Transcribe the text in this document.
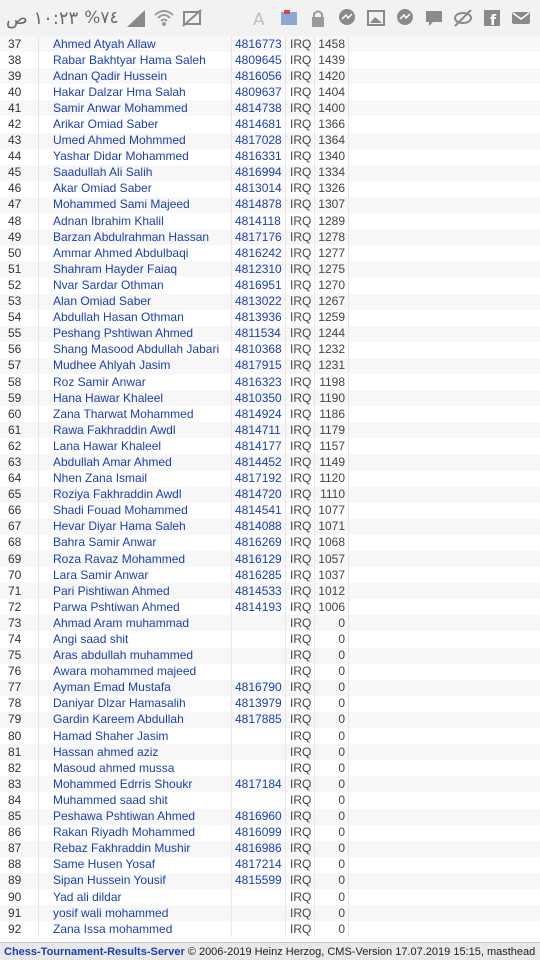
١٠:٢٣ ص %٧٤	A	f
37	Ahmed Atyah Allaw	4816773	IRQ	1458	
38	Rabar Bakhtyar Hama Saleh	4809645	IRQ	1439	
39	Adnan Qadir Hussein	4816056	IRQ	1420	
40	Hakar Dalzar Hma Salah	4809637	IRQ	1404	
41	Samir Anwar Mohammed	4814738	IRQ	1400	
42	Arikar Omiad Saber	4814681	IRQ	1366	
43	Umed Ahmed Mohmmed	4817028	IRQ	1364	
44	Yashar Didar Mohammed	4816331	IRQ	1340	
45	Saadullah Ali Salih	4816994	IRQ	1334	
46	Akar Omiad Saber	4813014	IRQ	1326	
47	Mohammed Sami Majeed	4814878	IRQ	1307	
48	Adnan Ibrahim Khalil	4814118	IRQ	1289	
49	Barzan Abdulrahman Hassan	4817176	IRQ	1278	
50	Ammar Ahmed Abdulbaqi	4816242	IRQ	1277	
51	Shahram Hayder Faiaq	4812310	IRQ	1275	
52	Nvar Sardar Othman	4816951	IRQ	1270	
53	Alan Omiad Saber	4813022	IRQ	1267	
54	Abdullah Hasan Othman	4813936	IRQ	1259	
55	Peshang Pshtiwan Ahmed	4811534	IRQ	1244	
56	Shang Masood Abdullah Jabari	4810368	IRQ	1232	
57	Mudhee Ahlyah Jasim	4817915	IRQ	1231	
58	Roz Samir Anwar	4816323	IRQ	1198	
59	Hana Hawar Khaleel	4810350	IRQ	1190	
60	Zana Tharwat Mohammed	4814924	IRQ	1186	
61	Rawa Fakhraddin Awdl	4814711	IRQ	1179	
62	Lana Hawar Khaleel	4814177	IRQ	1157	
63	Abdullah Amar Ahmed	4814452	IRQ	1149	
64	Nhen Zana Ismail	4817192	IRQ	1120	
65	Roziya Fakhraddin Awdl	4814720	IRQ	1110	
66	Shadi Fouad Mohammed	4814541	IRQ	1077	
67	Hevar Diyar Hama Saleh	4814088	IRQ	1071	
68	Bahra Samir Anwar	4816269	IRQ	1068	
69	Roza Ravaz Mohammed	4816129	IRQ	1057	
70	Lara Samir Anwar	4816285	IRQ	1037	
71	Pari Pishtiwan Ahmed	4814533	IRQ	1012	
72	Parwa Pshtiwan Ahmed	4814193	IRQ	1006	
73	Ahmad Aram muhammad		IRQ	0	
74	Angi saad shit		IRQ	0	
75	Aras abdullah muhammed		IRQ	0	
76	Awara mohammed majeed		IRQ	0	
77	Ayman Emad Mustafa	4816790	IRQ	0	
78	Daniyar Dlzar Hamasalih	4813979	IRQ	0	
79	Gardin Kareem Abdullah	4817885	IRQ	0	
80	Hamad Shaher Jasim		IRQ	0	
81	Hassan ahmed aziz		IRQ	0	
82	Masoud ahmed mussa		IRQ	0	
83	Mohammed Edrris Shoukr	4817184	IRQ	0	
84	Muhammed saad shit		IRQ	0	
85	Peshawa Pshtiwan Ahmed	4816960	IRQ	0	
86	Rakan Riyadh Mohammed	4816099	IRQ	0	
87	Rebaz Fakhraddin Mushir	4816986	IRQ	0	
88	Same Husen Yosaf	4817214	IRQ	0	
89	Sipan Hussein Yousif	4815599	IRQ	0	
90	Yad ali dildar		IRQ	0	
91	yosif wali mohammed		IRQ	0	
92	Zana Issa mohammed		IRQ	0	
Chess-Tournament-Results-Server © 2006-2019 Heinz Herzog, CMS-Version 17.07.2019 15:15, masthead
